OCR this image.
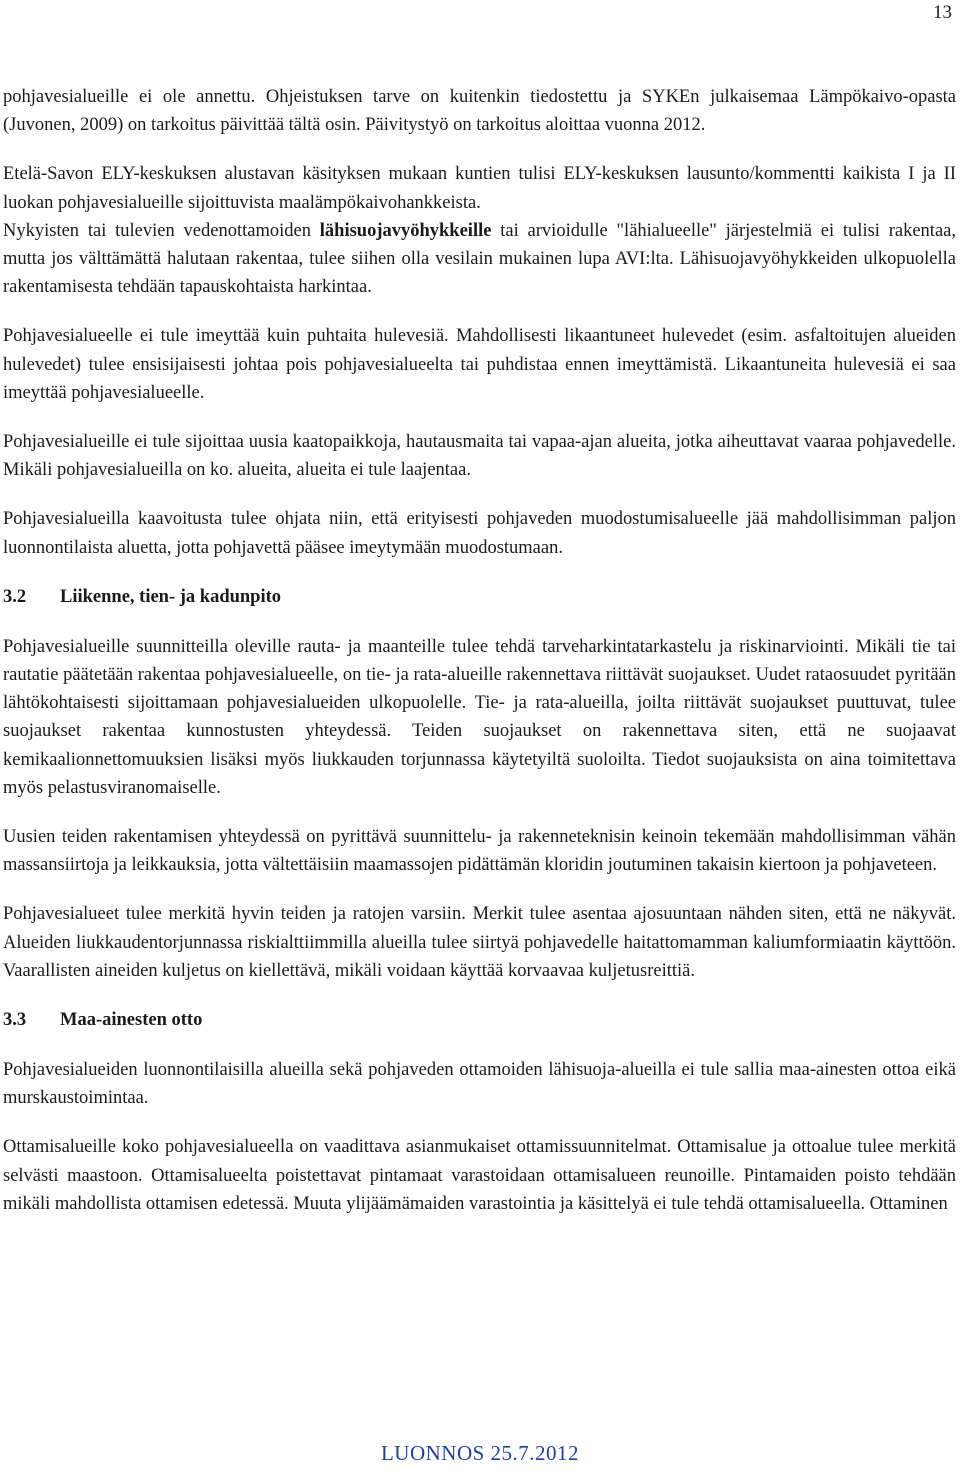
13

pohjavesialueille ei ole annettu. Ohjeistuksen tarve on kuitenkin tiedostettu ja SYKEn julkaisemaa Lämpökaivo-opasta (Juvonen, 2009) on tarkoitus päivittää tältä osin. Päivitystyö on tarkoitus aloittaa vuonna 2012.

Etelä-Savon ELY-keskuksen alustavan käsityksen mukaan kuntien tulisi ELY-keskuksen lausunto/kommentti kaikista I ja II luokan pohjavesialueille sijoittuvista maalämpökaivohankkeista.

Nykyisten tai tulevien vedenottamoiden lähisuojavyöhykkeille tai arvioidulle "lähialueelle" järjestelmiä ei tulisi rakentaa, mutta jos välttämättä halutaan rakentaa, tulee siihen olla vesilain mukainen lupa AVI:lta. Lähisuojavyöhykkeiden ulkopuolella rakentamisesta tehdään tapauskohtaista harkintaa.

Pohjavesialueelle ei tule imeyttää kuin puhtaita hulevesiä. Mahdollisesti likaantuneet hulevedet (esim. asfaltoitujen alueiden hulevedet) tulee ensisijaisesti johtaa pois pohjavesialueelta tai puhdistaa ennen imeyttämistä. Likaantuneita hulevesiä ei saa imeyttää pohjavesialueelle.

Pohjavesialueille ei tule sijoittaa uusia kaatopaikkoja, hautausmaita tai vapaa-ajan alueita, jotka aiheuttavat vaaraa pohjavedelle. Mikäli pohjavesialueilla on ko. alueita, alueita ei tule laajentaa.

Pohjavesialueilla kaavoitusta tulee ohjata niin, että erityisesti pohjaveden muodostumisalueelle jää mahdollisimman paljon luonnontilaista aluetta, jotta pohjavettä pääsee imeytymään muodostumaan.

3.2 Liikenne, tien- ja kadunpito

Pohjavesialueille suunnitteilla oleville rauta- ja maanteille tulee tehdä tarveharkintatarkastelu ja riskinarviointi. Mikäli tie tai rautatie päätetään rakentaa pohjavesialueelle, on tie- ja rata-alueille rakennettava riittävät suojaukset. Uudet rataosuudet pyritään lähtökohtaisesti sijoittamaan pohjavesialueiden ulkopuolelle. Tie- ja rata-alueilla, joilta riittävät suojaukset puuttuvat, tulee suojaukset rakentaa kunnostusten yhteydessä. Teiden suojaukset on rakennettava siten, että ne suojaavat kemikaalionnettomuuksien lisäksi myös liukkauden torjunnassa käytetyiltä suoloilta. Tiedot suojauksista on aina toimitettava myös pelastusviranomaiselle.

Uusien teiden rakentamisen yhteydessä on pyrittävä suunnittelu- ja rakenneteknisin keinoin tekemään mahdollisimman vähän massansiirtoja ja leikkauksia, jotta vältettäisiin maamassojen pidättämän kloridin joutuminen takaisin kiertoon ja pohjaveteen.

Pohjavesialueet tulee merkitä hyvin teiden ja ratojen varsiin. Merkit tulee asentaa ajosuuntaan nähden siten, että ne näkyvät. Alueiden liukkaudentorjunnassa riskialttiimmilla alueilla tulee siirtyä pohjavedelle haitattomamman kaliumformiaatin käyttöön. Vaarallisten aineiden kuljetus on kiellettävä, mikäli voidaan käyttää korvaavaa kuljetusreittiä.

3.3 Maa-ainesten otto

Pohjavesialueiden luonnontilaisilla alueilla sekä pohjaveden ottamoiden lähisuoja-alueilla ei tule sallia maa-ainesten ottoa eikä murskaustoimintaa.

Ottamisalueille koko pohjavesialueella on vaadittava asianmukaiset ottamissuunnitelmat. Ottamisalue ja ottoalue tulee merkitä selvästi maastoon. Ottamisalueelta poistettavat pintamaat varastoidaan ottamisalueen reunoille. Pintamaiden poisto tehdään mikäli mahdollista ottamisen edetessä. Muuta ylijäämämaiden varastointia ja käsittelyä ei tule tehdä ottamisalueella. Ottaminen

LUONNOS 25.7.2012
